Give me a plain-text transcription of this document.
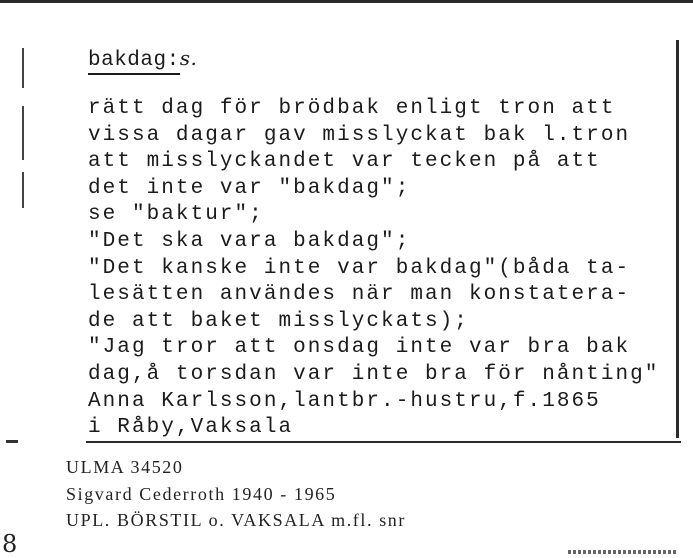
bakdag:s.
rätt dag för brödbak enligt tron att
vissa dagar gav misslyckat bak l.tron
att misslyckandet var tecken på att
det inte var "bakdag";
se "baktur";
"Det ska vara bakdag";
"Det kanske inte var bakdag"(båda ta-
lesätten användes när man konstatera-
de att baket misslyckats);
"Jag tror att onsdag inte var bra bak
dag,å torsdan var inte bra för nånting"
Anna Karlsson,lantbr.-hustru,f.1865
i Råby,Vaksala
ULMA 34520
Sigvard Cederroth 1940 - 1965
UPL. BÖRSTIL o. VAKSALA m.fl. snr
8
